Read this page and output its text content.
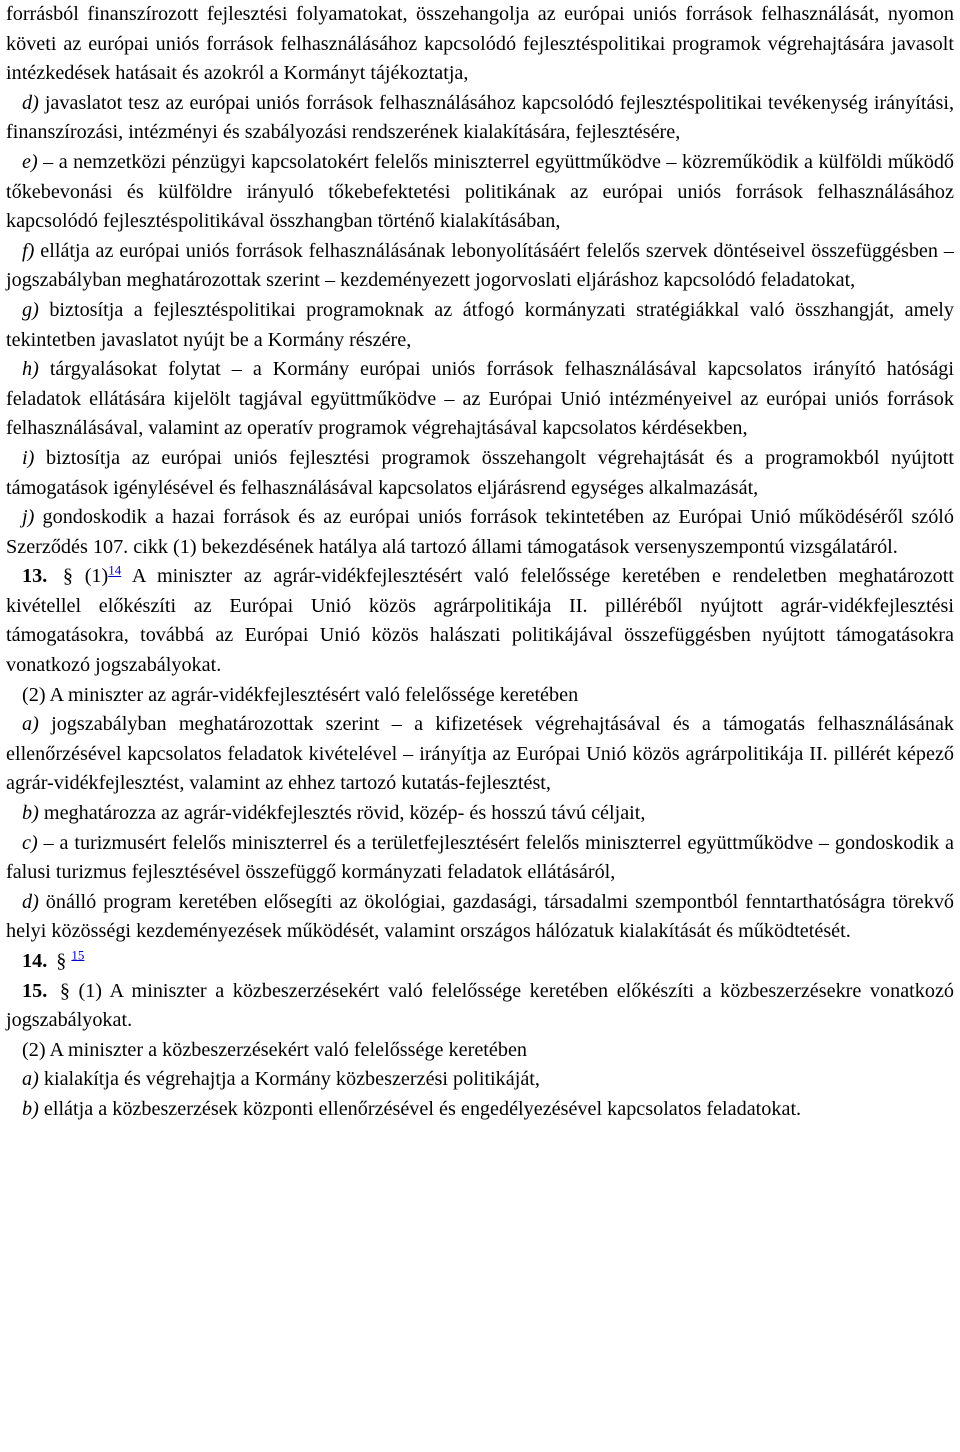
forrásból finanszírozott fejlesztési folyamatokat, összehangolja az európai uniós források felhasználását, nyomon követi az európai uniós források felhasználásához kapcsolódó fejlesztéspolitikai programok végrehajtására javasolt intézkedések hatásait és azokról a Kormányt tájékoztatja,

d) javaslatot tesz az európai uniós források felhasználásához kapcsolódó fejlesztéspolitikai tevékenység irányítási, finanszírozási, intézményi és szabályozási rendszerének kialakítására, fejlesztésére,

e) – a nemzetközi pénzügyi kapcsolatokért felelős miniszterrel együttműködve – közreműködik a külföldi működő tőkebevonási és külföldre irányuló tőkebefektetési politikának az európai uniós források felhasználásához kapcsolódó fejlesztéspolitikával összhangban történő kialakításában,

f) ellátja az európai uniós források felhasználásának lebonyolításáért felelős szervek döntéseivel összefüggésben – jogszabályban meghatározottak szerint – kezdeményezett jogorvoslati eljáráshoz kapcsolódó feladatokat,

g) biztosítja a fejlesztéspolitikai programoknak az átfogó kormányzati stratégiákkal való összhangját, amely tekintetben javaslatot nyújt be a Kormány részére,

h) tárgyalásokat folytat – a Kormány európai uniós források felhasználásával kapcsolatos irányító hatósági feladatok ellátására kijelölt tagjával együttműködve – az Európai Unió intézményeivel az európai uniós források felhasználásával, valamint az operatív programok végrehajtásával kapcsolatos kérdésekben,

i) biztosítja az európai uniós fejlesztési programok összehangolt végrehajtását és a programokból nyújtott támogatások igénylésével és felhasználásával kapcsolatos eljárásrend egységes alkalmazását,

j) gondoskodik a hazai források és az európai uniós források tekintetében az Európai Unió működéséről szóló Szerződés 107. cikk (1) bekezdésének hatálya alá tartozó állami támogatások versenyszempontú vizsgálatáról.

13. § (1)$^{14}$ A miniszter az agrár-vidékfejlesztésért való felelőssége keretében e rendeletben meghatározott kivétellel előkészíti az Európai Unió közös agrárpolitikája II. pilléréből nyújtott agrár-vidékfejlesztési támogatásokra, továbbá az Európai Unió közös halászati politikájával összefüggésben nyújtott támogatásokra vonatkozó jogszabályokat.

(2) A miniszter az agrár-vidékfejlesztésért való felelőssége keretében

a) jogszabályban meghatározottak szerint – a kifizetések végrehajtásával és a támogatás felhasználásának ellenőrzésével kapcsolatos feladatok kivételével – irányítja az Európai Unió közös agrárpolitikája II. pillérét képező agrár-vidékfejlesztést, valamint az ehhez tartozó kutatás-fejlesztést,

b) meghatározza az agrár-vidékfejlesztés rövid, közép- és hosszú távú céljait,

c) – a turizmusért felelős miniszterrel és a területfejlesztésért felelős miniszterrel együttműködve – gondoskodik a falusi turizmus fejlesztésével összefüggő kormányzati feladatok ellátásáról,

d) önálló program keretében elősegíti az ökológiai, gazdasági, társadalmi szempontból fenntarthatóságra törekvő helyi közösségi kezdeményezések működését, valamint országos hálózatuk kialakítását és működtetését.

14. § $^{15}$

15. § (1) A miniszter a közbeszerzésekért való felelőssége keretében előkészíti a közbeszerzésekre vonatkozó jogszabályokat.

(2) A miniszter a közbeszerzésekért való felelőssége keretében

a) kialakítja és végrehajtja a Kormány közbeszerzési politikáját,

b) ellátja a közbeszerzések központi ellenőrzésével és engedélyezésével kapcsolatos feladatokat.
